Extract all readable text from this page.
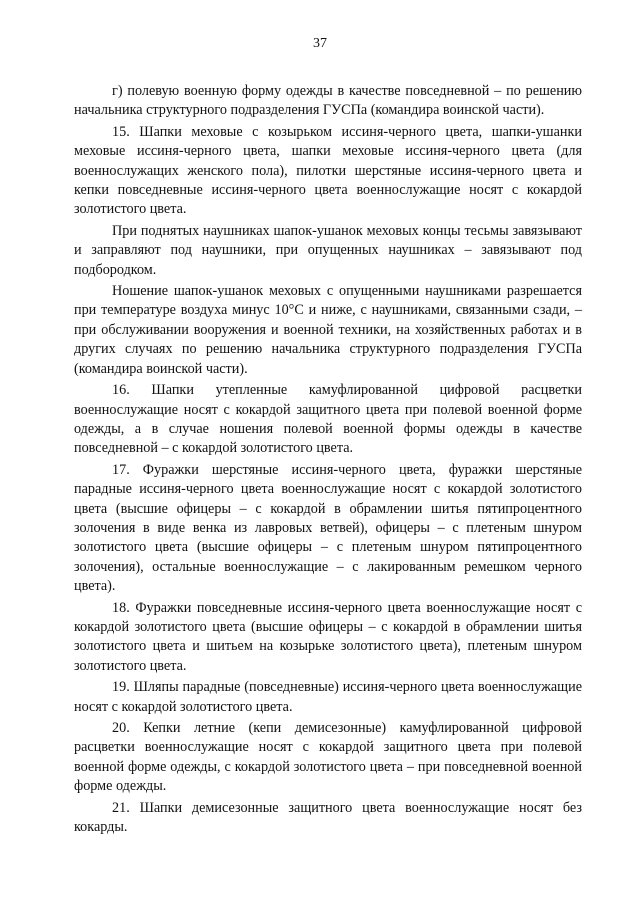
37

г) полевую военную форму одежды в качестве повседневной – по решению начальника структурного подразделения ГУСПа (командира воинской части).

15. Шапки меховые с козырьком иссиня-черного цвета, шапки-ушанки меховые иссиня-черного цвета, шапки меховые иссиня-черного цвета (для военнослужащих женского пола), пилотки шерстяные иссиня-черного цвета и кепки повседневные иссиня-черного цвета военнослужащие носят с кокардой золотистого цвета.

При поднятых наушниках шапок-ушанок меховых концы тесьмы завязывают и заправляют под наушники, при опущенных наушниках – завязывают под подбородком.

Ношение шапок-ушанок меховых с опущенными наушниками разрешается при температуре воздуха минус 10°С и ниже, с наушниками, связанными сзади, – при обслуживании вооружения и военной техники, на хозяйственных работах и в других случаях по решению начальника структурного подразделения ГУСПа (командира воинской части).

16. Шапки утепленные камуфлированной цифровой расцветки военнослужащие носят с кокардой защитного цвета при полевой военной форме одежды, а в случае ношения полевой военной формы одежды в качестве повседневной – с кокардой золотистого цвета.

17. Фуражки шерстяные иссиня-черного цвета, фуражки шерстяные парадные иссиня-черного цвета военнослужащие носят с кокардой золотистого цвета (высшие офицеры – с кокардой в обрамлении шитья пятипроцентного золочения в виде венка из лавровых ветвей), офицеры – с плетеным шнуром золотистого цвета (высшие офицеры – с плетеным шнуром пятипроцентного золочения), остальные военнослужащие – с лакированным ремешком черного цвета).

18. Фуражки повседневные иссиня-черного цвета военнослужащие носят с кокардой золотистого цвета (высшие офицеры – с кокардой в обрамлении шитья золотистого цвета и шитьем на козырьке золотистого цвета), плетеным шнуром золотистого цвета.

19. Шляпы парадные (повседневные) иссиня-черного цвета военнослужащие носят с кокардой золотистого цвета.

20. Кепки летние (кепи демисезонные) камуфлированной цифровой расцветки военнослужащие носят с кокардой защитного цвета при полевой военной форме одежды, с кокардой золотистого цвета – при повседневной военной форме одежды.

21. Шапки демисезонные защитного цвета военнослужащие носят без кокарды.
